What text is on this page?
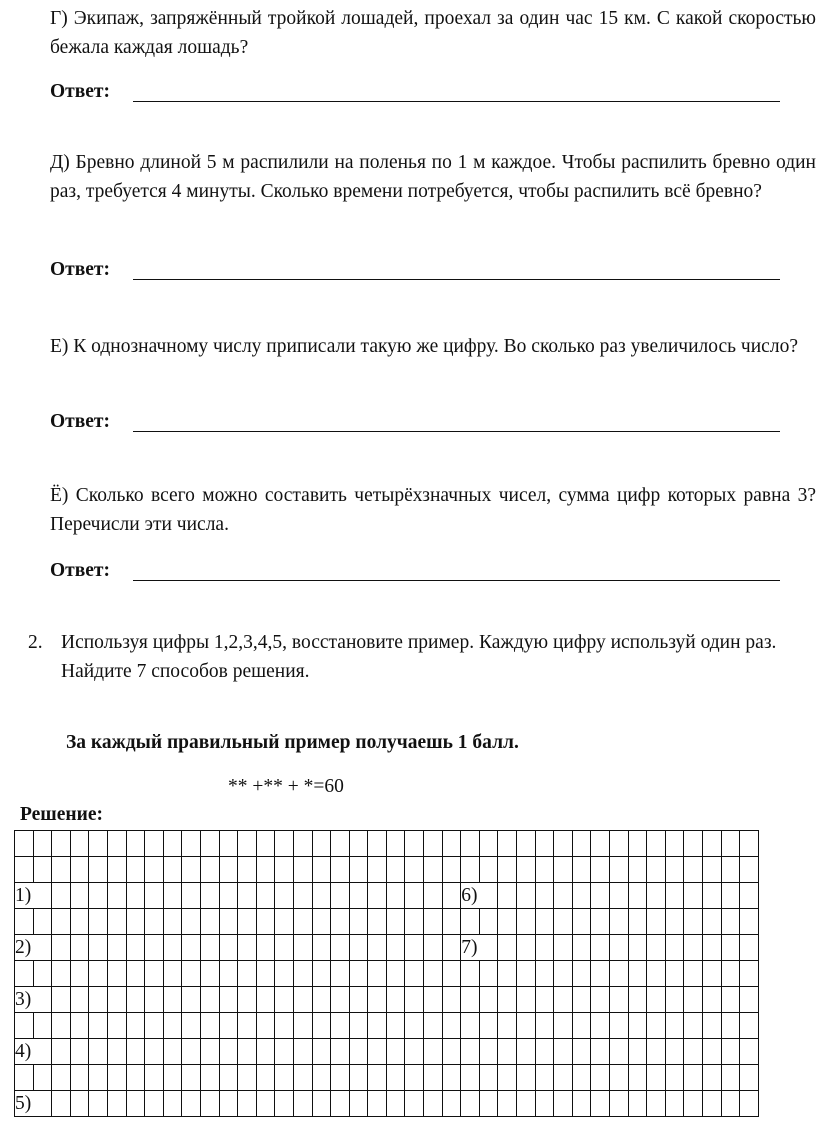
Г) Экипаж, запряжённый тройкой лошадей, проехал за один час 15 км. С какой скоростью бежала каждая лошадь?
Ответ:
Д) Бревно длиной 5 м распилили на поленья по 1 м каждое. Чтобы распилить бревно один раз, требуется 4 минуты. Сколько времени потребуется, чтобы распилить всё бревно?
Ответ:
Е) К однозначному числу приписали такую же цифру. Во сколько раз увеличилось число?
Ответ:
Ё) Сколько всего можно составить четырёхзначных чисел, сумма цифр которых равна 3? Перечисли эти числа.
Ответ:
2. Используя цифры 1,2,3,4,5, восстановите пример. Каждую цифру используй один раз. Найдите 7 способов решения.
За каждый правильный пример получаешь 1 балл.
** +** + *=60
Решение:

1)																								6)															

2)																								7)															

3)																																							

4)																																							

5)																																							
